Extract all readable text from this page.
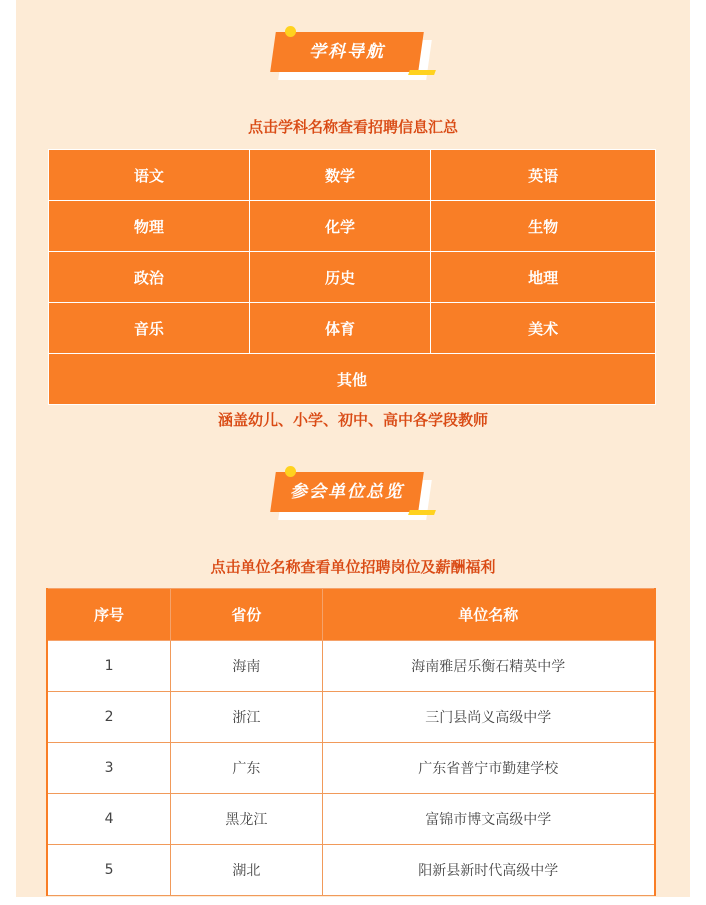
学科导航
点击学科名称查看招聘信息汇总
语文	数学	英语
物理	化学	生物
政治	历史	地理
音乐	体育	美术
其他		
涵盖幼儿、小学、初中、高中各学段教师
参会单位总览
点击单位名称查看单位招聘岗位及薪酬福利
序号	省份	单位名称
1	海南	海南雅居乐衡石精英中学
2	浙江	三门县尚义高级中学
3	广东	广东省普宁市勤建学校
4	黑龙江	富锦市博文高级中学
5	湖北	阳新县新时代高级中学
